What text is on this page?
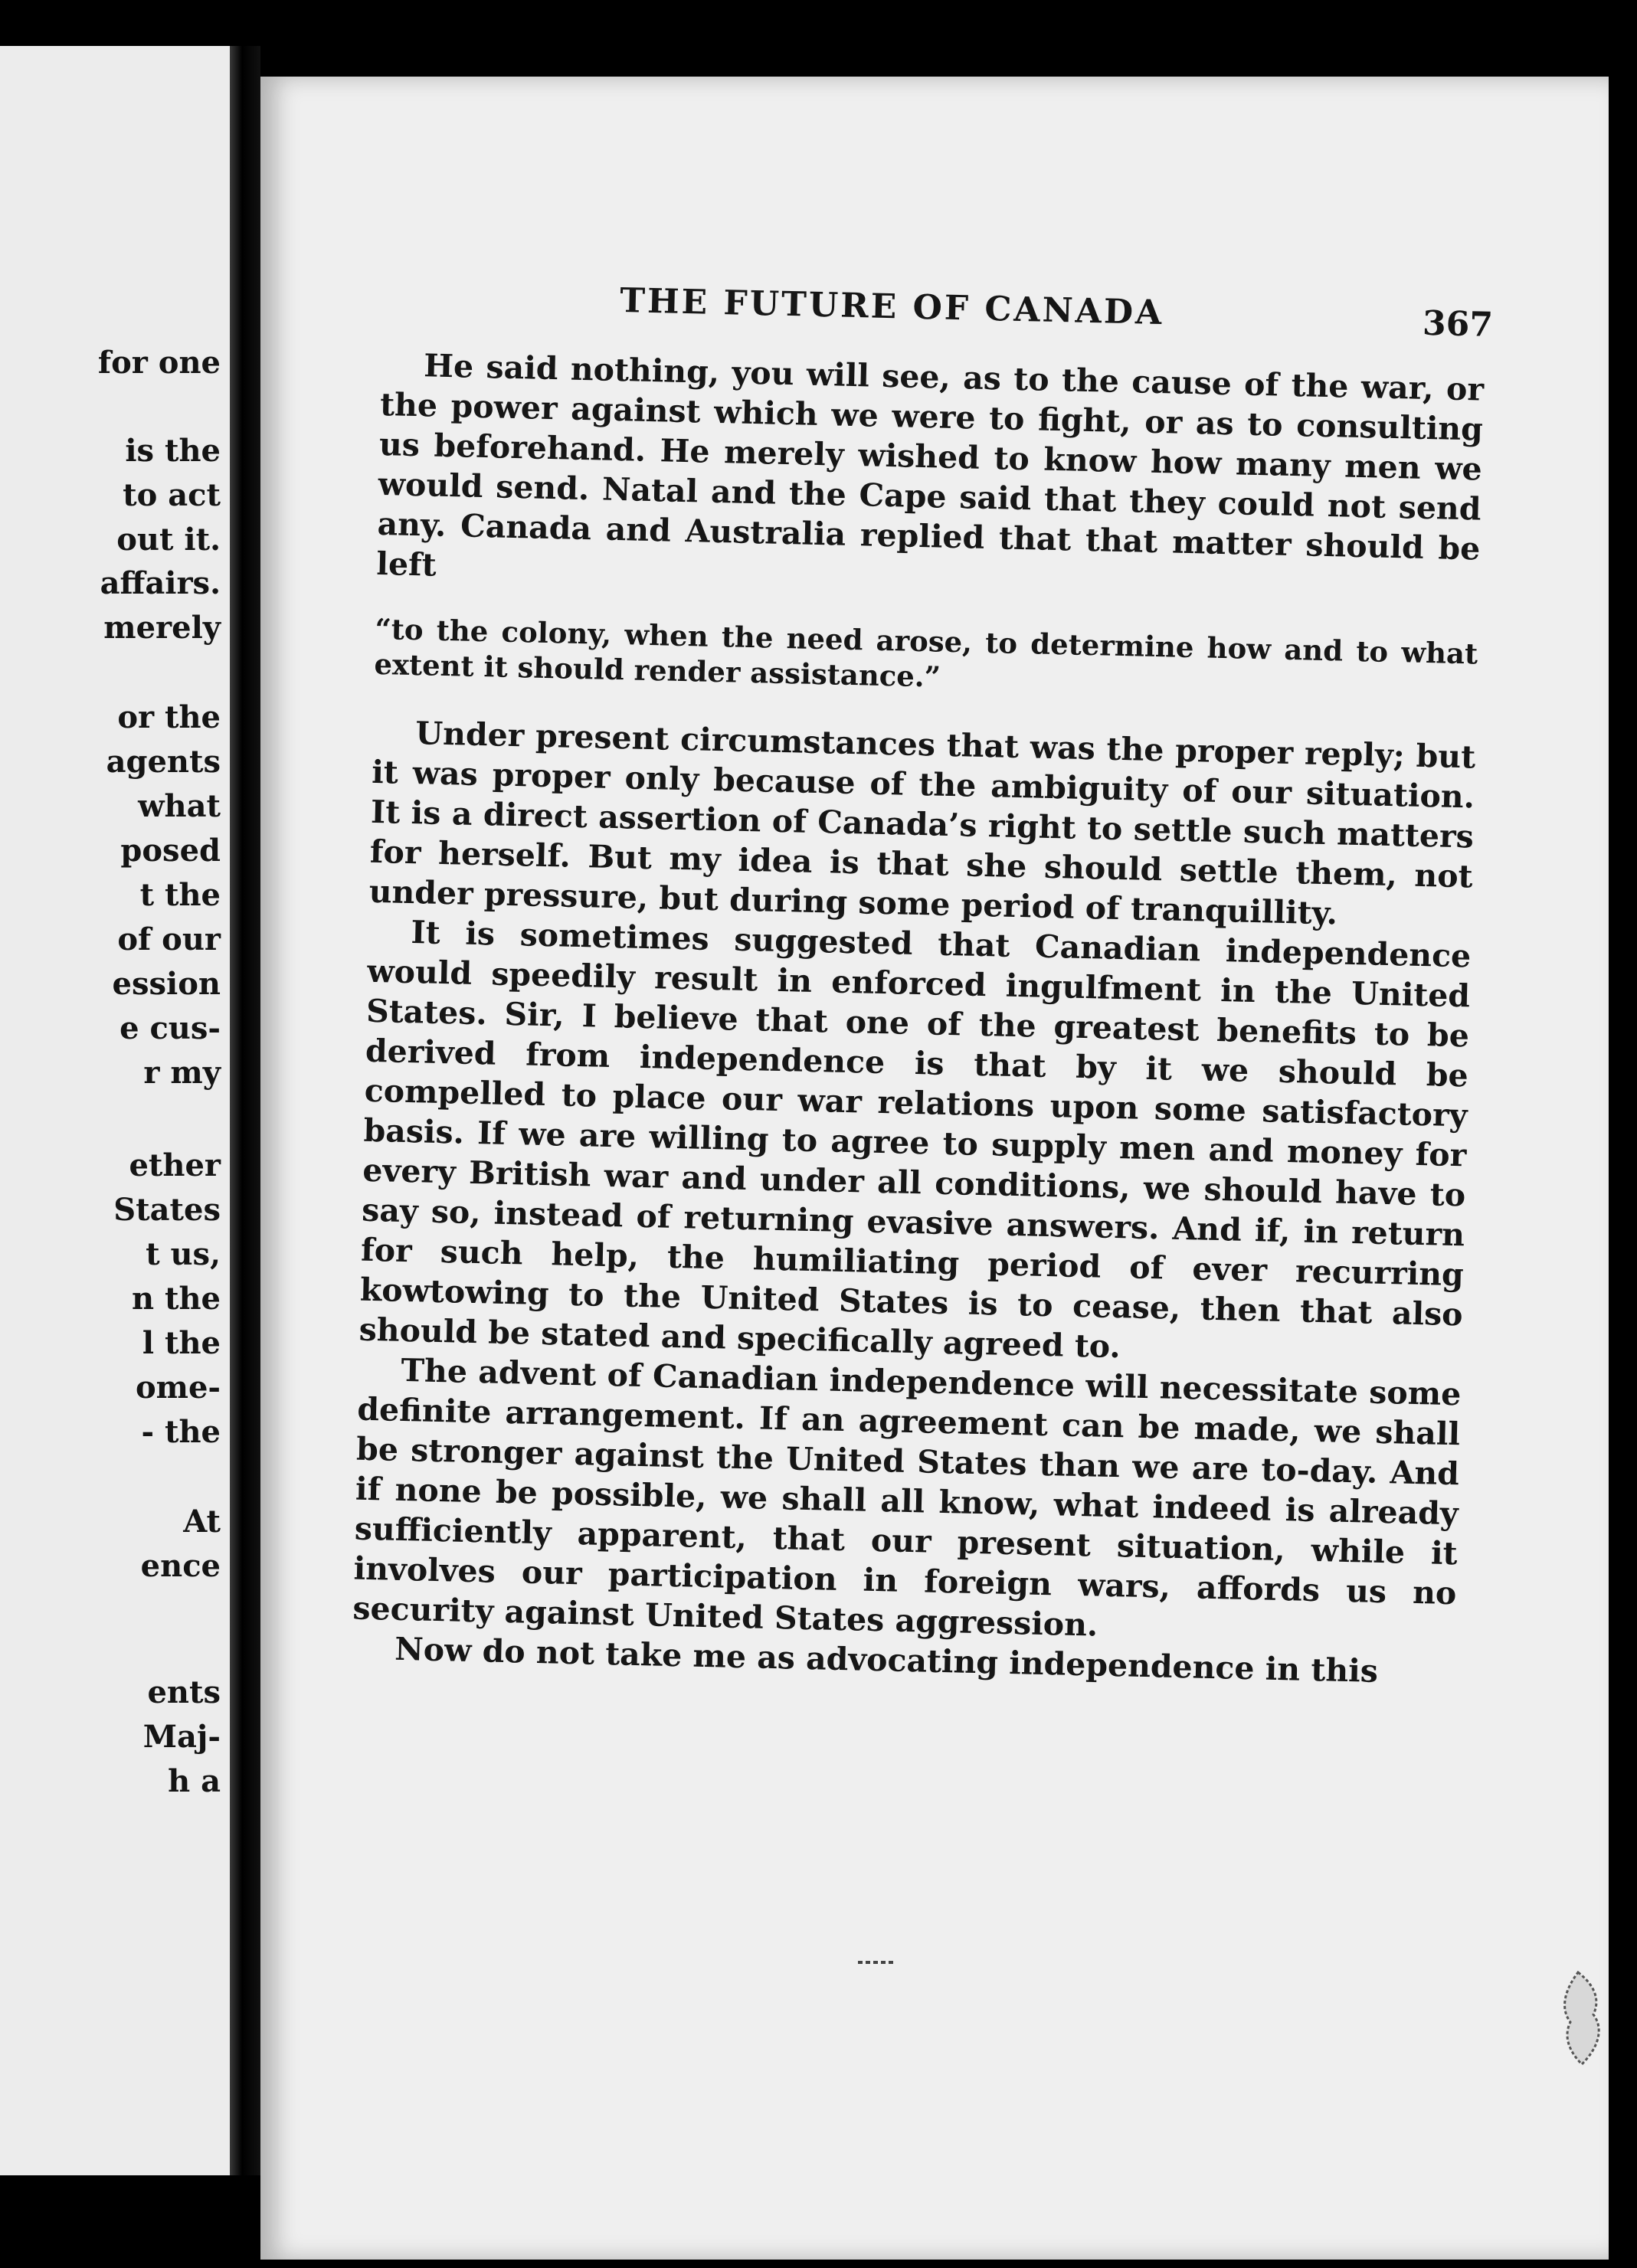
for one
is the
to act
out it.
affairs.
merely
or the
agents
what
posed
t the
of our
ession
e cus-
r my
ether
States
t us,
n the
l the
ome-
- the
At
ence
ents
Maj-
h a
THE FUTURE OF CANADA	367

He said nothing, you will see, as to the cause of the war, or the power against which we were to fight, or as to consulting us beforehand. He merely wished to know how many men we would send. Natal and the Cape said that they could not send any. Canada and Australia replied that that matter should be left

“to the colony, when the need arose, to determine how and to what extent it should render assistance.”

Under present circumstances that was the proper reply; but it was proper only because of the ambiguity of our situation. It is a direct assertion of Canada’s right to settle such matters for herself. But my idea is that she should settle them, not under pressure, but during some period of tranquillity.

It is sometimes suggested that Canadian independence would speedily result in enforced ingulfment in the United States. Sir, I believe that one of the greatest benefits to be derived from independence is that by it we should be compelled to place our war relations upon some satisfactory basis. If we are willing to agree to supply men and money for every British war and under all conditions, we should have to say so, instead of returning evasive answers. And if, in return for such help, the humiliating period of ever recurring kowtowing to the United States is to cease, then that also should be stated and specifically agreed to.

The advent of Canadian independence will necessitate some definite arrangement. If an agreement can be made, we shall be stronger against the United States than we are to-day. And if none be possible, we shall all know, what indeed is already sufficiently apparent, that our present situation, while it involves our participation in foreign wars, affords us no security against United States aggression.

Now do not take me as advocating independence in this
